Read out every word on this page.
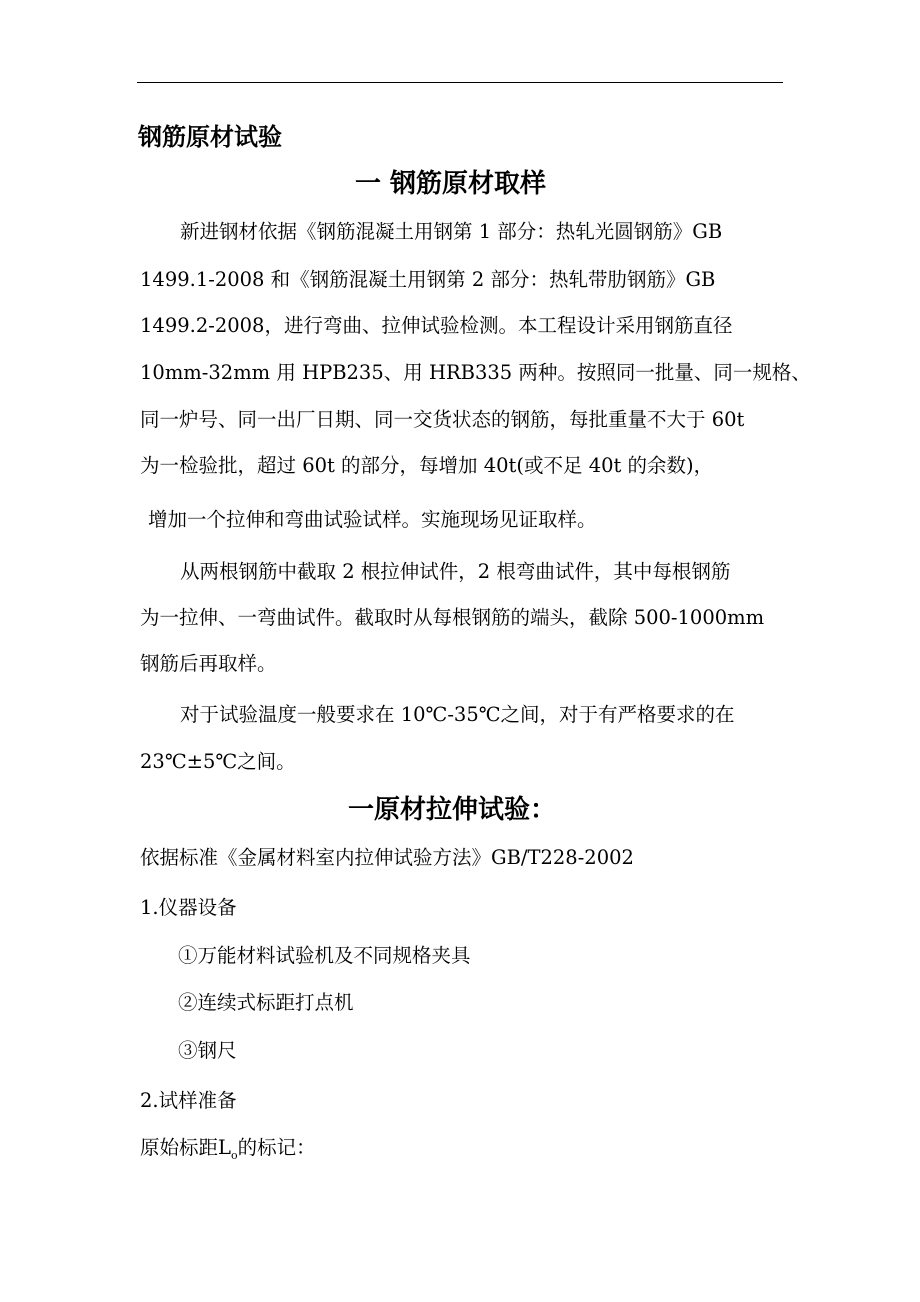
钢筋原材试验
一 钢筋原材取样
新进钢材依据《钢筋混凝土用钢第 1 部分：热轧光圆钢筋》GB
1499.1-2008 和《钢筋混凝土用钢第 2 部分：热轧带肋钢筋》GB
1499.2-2008，进行弯曲、拉伸试验检测。本工程设计采用钢筋直径
10mm-32mm 用 HPB235、用 HRB335 两种。按照同一批量、同一规格、
同一炉号、同一出厂日期、同一交货状态的钢筋，每批重量不大于 60t
为一检验批，超过 60t 的部分，每增加 40t(或不足 40t 的余数)，
增加一个拉伸和弯曲试验试样。实施现场见证取样。
从两根钢筋中截取 2 根拉伸试件，2 根弯曲试件，其中每根钢筋
为一拉伸、一弯曲试件。截取时从每根钢筋的端头，截除 500-1000mm
钢筋后再取样。
对于试验温度一般要求在 10℃-35℃之间，对于有严格要求的在
23℃±5℃之间。
一原材拉伸试验：
依据标准《金属材料室内拉伸试验方法》GB/T228-2002
1.仪器设备
①万能材料试验机及不同规格夹具
②连续式标距打点机
③钢尺
2.试样准备
原始标距$L_o$的标记：
